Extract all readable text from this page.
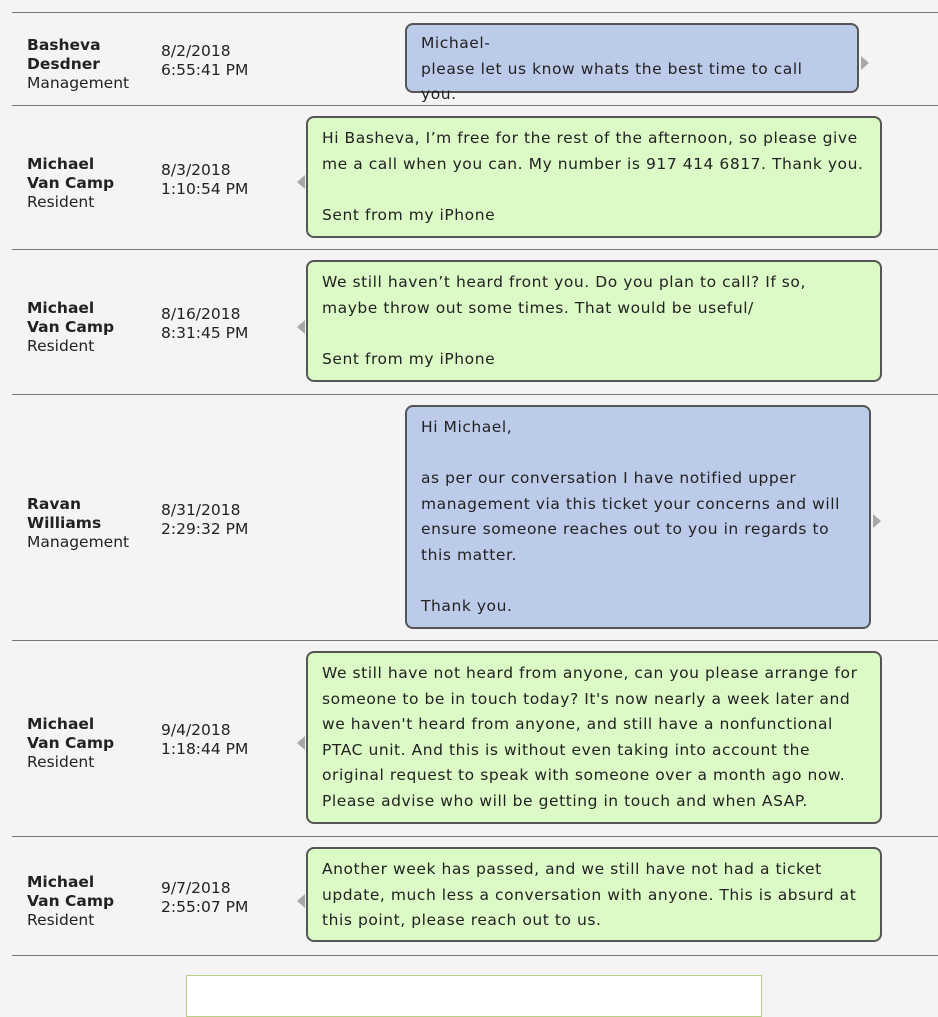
Basheva
Desdner
Management
8/2/2018
6:55:41 PM
Michael-
please let us know whats the best time to call you.
Michael
Van Camp
Resident
8/3/2018
1:10:54 PM
Hi Basheva, I’m free for the rest of the afternoon, so please give
me a call when you can. My number is 917 414 6817. Thank you.

Sent from my iPhone
Michael
Van Camp
Resident
8/16/2018
8:31:45 PM
We still haven’t heard front you. Do you plan to call? If so,
maybe throw out some times. That would be useful/

Sent from my iPhone
Ravan
Williams
Management
8/31/2018
2:29:32 PM
Hi Michael,

as per our conversation I have notified upper
management via this ticket your concerns and will
ensure someone reaches out to you in regards to
this matter.

Thank you.
Michael
Van Camp
Resident
9/4/2018
1:18:44 PM
We still have not heard from anyone, can you please arrange for
someone to be in touch today? It's now nearly a week later and
we haven't heard from anyone, and still have a nonfunctional
PTAC unit. And this is without even taking into account the
original request to speak with someone over a month ago now.
Please advise who will be getting in touch and when ASAP.
Michael
Van Camp
Resident
9/7/2018
2:55:07 PM
Another week has passed, and we still have not had a ticket
update, much less a conversation with anyone. This is absurd at
this point, please reach out to us.
